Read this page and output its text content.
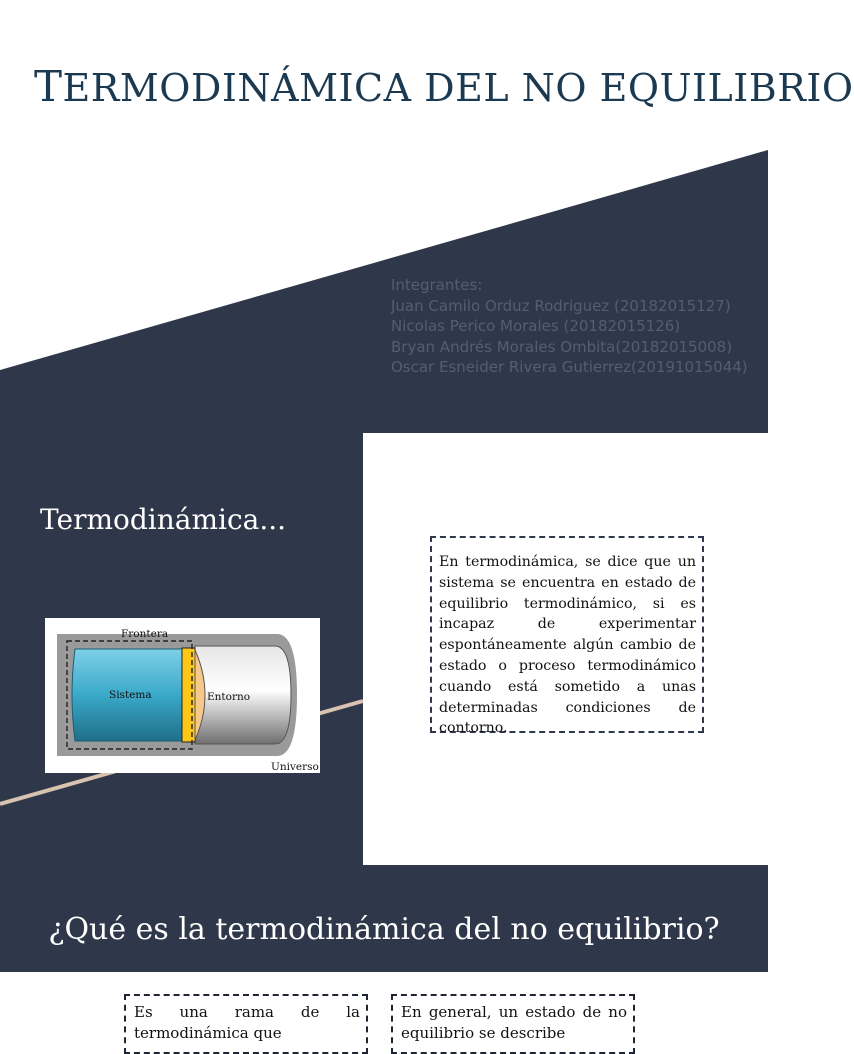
TERMODINÁMICA DEL NO EQUILIBRIO
Integrantes:
Juan Camilo Orduz Rodriguez (20182015127)
Nicolas Perico Morales (20182015126)
Bryan Andrés Morales Ombita(20182015008)
Oscar Esneider Rivera Gutierrez(20191015044)
Termodinámica...
Frontera
Sistema	Entorno
Universo

En termodinámica, se dice que un sistema se encuentra en estado de equilibrio termodinámico, si es incapaz de experimentar espontáneamente algún cambio de estado o proceso termodinámico cuando está sometido a unas determinadas condiciones de contorno.

¿Qué es la termodinámica del no equilibrio?

Es una rama de la termodinámica que

En general, un estado de no equilibrio se describe
